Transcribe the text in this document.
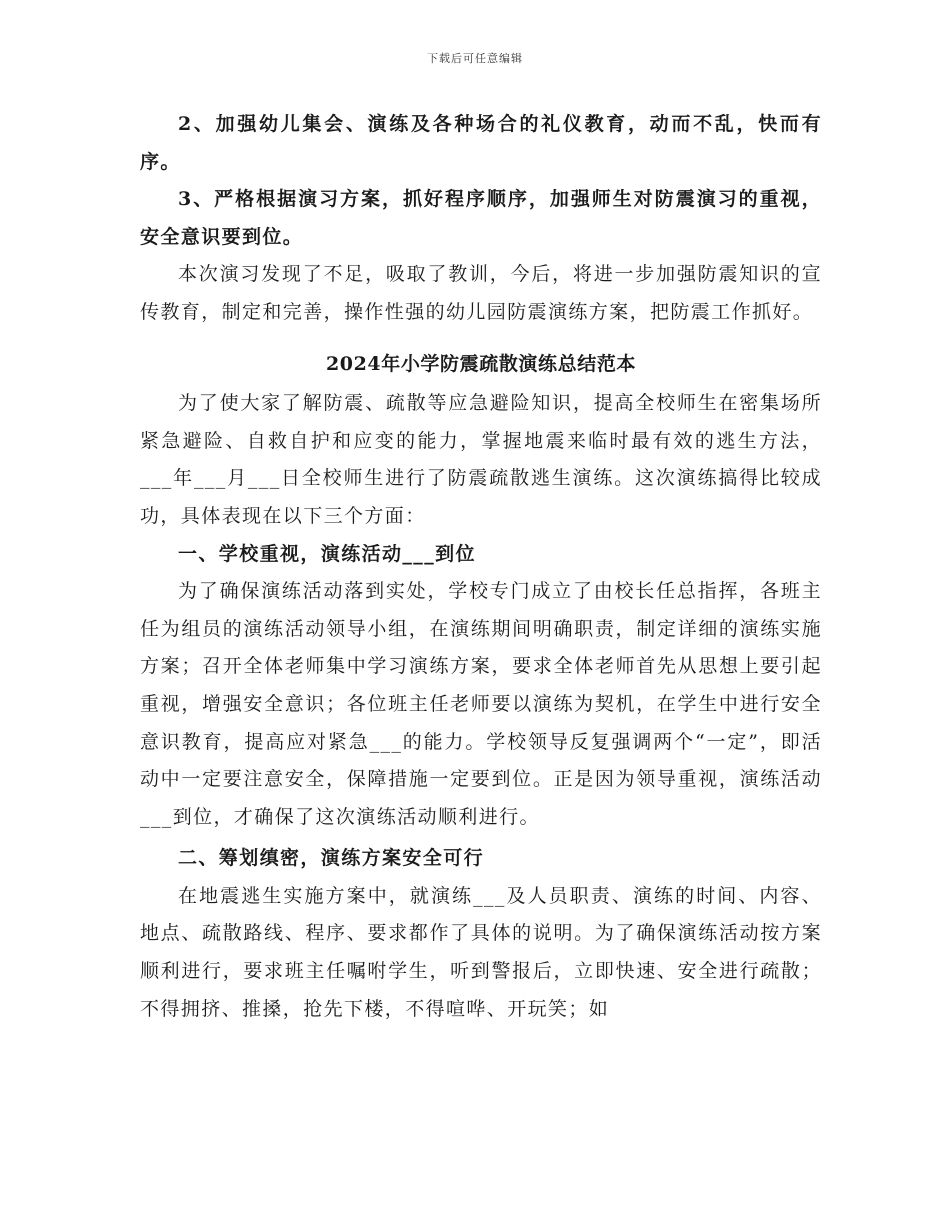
下载后可任意编辑

2、加强幼儿集会、演练及各种场合的礼仪教育，动而不乱，快而有序。

3、严格根据演习方案，抓好程序顺序，加强师生对防震演习的重视，安全意识要到位。

本次演习发现了不足，吸取了教训，今后，将进一步加强防震知识的宣传教育，制定和完善，操作性强的幼儿园防震演练方案，把防震工作抓好。

2024年小学防震疏散演练总结范本

为了使大家了解防震、疏散等应急避险知识，提高全校师生在密集场所紧急避险、自救自护和应变的能力，掌握地震来临时最有效的逃生方法，___年___月___日全校师生进行了防震疏散逃生演练。这次演练搞得比较成功，具体表现在以下三个方面：

一、学校重视，演练活动___到位

为了确保演练活动落到实处，学校专门成立了由校长任总指挥，各班主任为组员的演练活动领导小组，在演练期间明确职责，制定详细的演练实施方案；召开全体老师集中学习演练方案，要求全体老师首先从思想上要引起重视，增强安全意识；各位班主任老师要以演练为契机，在学生中进行安全意识教育，提高应对紧急___的能力。学校领导反复强调两个“一定”，即活动中一定要注意安全，保障措施一定要到位。正是因为领导重视，演练活动___到位，才确保了这次演练活动顺利进行。

二、筹划缜密，演练方案安全可行

在地震逃生实施方案中，就演练___及人员职责、演练的时间、内容、地点、疏散路线、程序、要求都作了具体的说明。为了确保演练活动按方案顺利进行，要求班主任嘱咐学生，听到警报后，立即快速、安全进行疏散；不得拥挤、推搡，抢先下楼，不得喧哗、开玩笑；如
